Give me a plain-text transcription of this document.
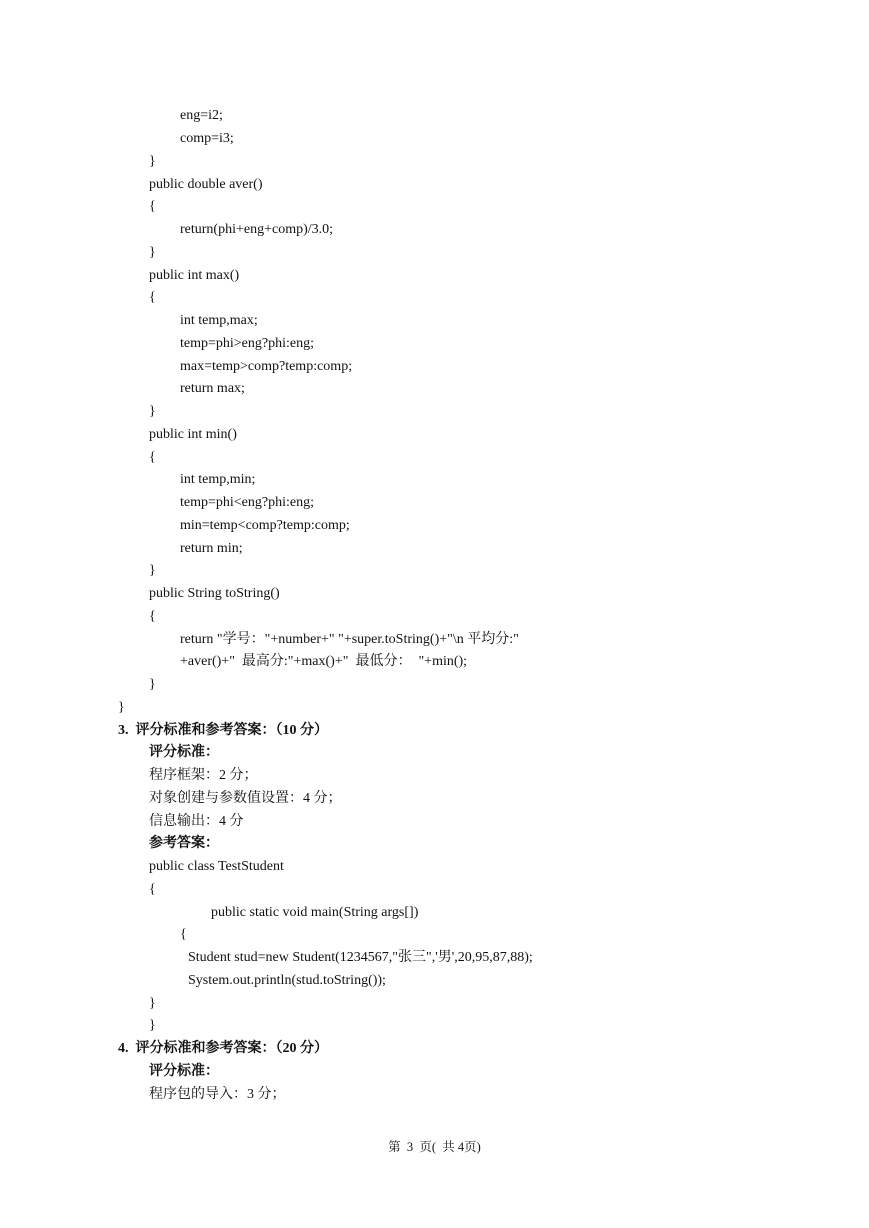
eng=i2;
comp=i3;
}
public double aver()
{
return(phi+eng+comp)/3.0;
}
public int max()
{
int temp,max;
temp=phi>eng?phi:eng;
max=temp>comp?temp:comp;
return max;
}
public int min()
{
int temp,min;
temp=phi<eng?phi:eng;
min=temp<comp?temp:comp;
return min;
}
public String toString()
{
return "学号："+number+" "+super.toString()+"\n 平均分:"
+aver()+"  最高分:"+max()+"  最低分：  "+min();
}
}
3.  评分标准和参考答案：（10 分）
评分标准：
程序框架：2 分；
对象创建与参数值设置：4 分；
信息输出：4 分
参考答案：
public class TestStudent
{
public static void main(String args[])
{
Student stud=new Student(1234567,"张三",'男',20,95,87,88);
System.out.println(stud.toString());
}
}
4.  评分标准和参考答案：（20 分）
评分标准：
程序包的导入：3 分；
第  3  页(  共 4页)
